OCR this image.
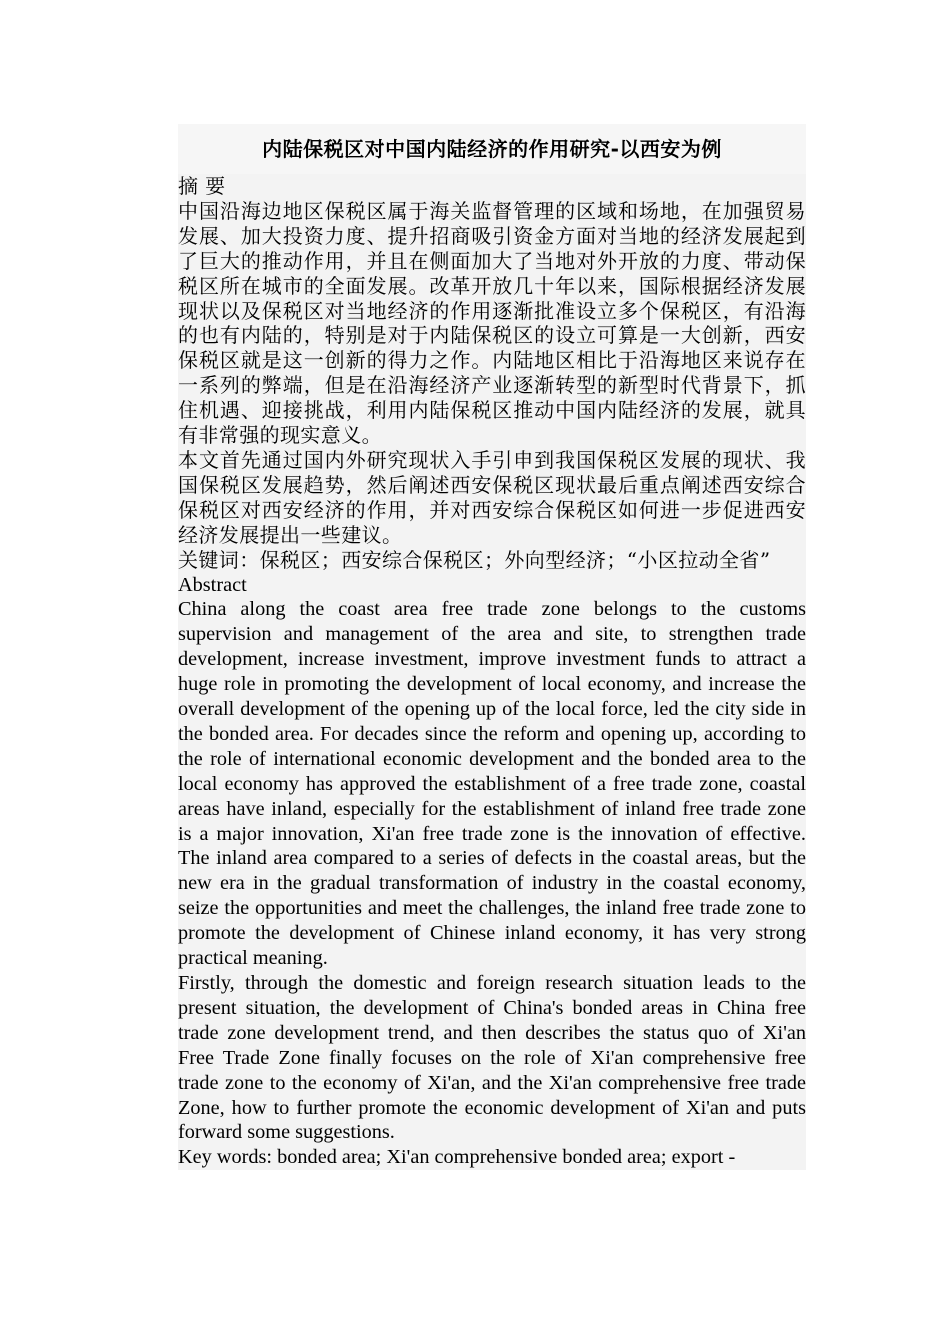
内陆保税区对中国内陆经济的作用研究-以西安为例
摘 要
中国沿海边地区保税区属于海关监督管理的区域和场地，在加强贸易发展、加大投资力度、提升招商吸引资金方面对当地的经济发展起到了巨大的推动作用，并且在侧面加大了当地对外开放的力度、带动保税区所在城市的全面发展。改革开放几十年以来，国际根据经济发展现状以及保税区对当地经济的作用逐渐批准设立多个保税区，有沿海的也有内陆的，特别是对于内陆保税区的设立可算是一大创新，西安保税区就是这一创新的得力之作。内陆地区相比于沿海地区来说存在一系列的弊端，但是在沿海经济产业逐渐转型的新型时代背景下，抓住机遇、迎接挑战，利用内陆保税区推动中国内陆经济的发展，就具有非常强的现实意义。
本文首先通过国内外研究现状入手引申到我国保税区发展的现状、我国保税区发展趋势，然后阐述西安保税区现状最后重点阐述西安综合保税区对西安经济的作用，并对西安综合保税区如何进一步促进西安经济发展提出一些建议。
关键词：保税区；西安综合保税区；外向型经济；“小区拉动全省”
Abstract
China along the coast area free trade zone belongs to the customs supervision and management of the area and site, to strengthen trade development, increase investment, improve investment funds to attract a huge role in promoting the development of local economy, and increase the overall development of the opening up of the local force, led the city side in the bonded area. For decades since the reform and opening up, according to the role of international economic development and the bonded area to the local economy has approved the establishment of a free trade zone, coastal areas have inland, especially for the establishment of inland free trade zone is a major innovation, Xi'an free trade zone is the innovation of effective. The inland area compared to a series of defects in the coastal areas, but the new era in the gradual transformation of industry in the coastal economy, seize the opportunities and meet the challenges, the inland free trade zone to promote the development of Chinese inland economy, it has very strong practical meaning.
Firstly, through the domestic and foreign research situation leads to the present situation, the development of China's bonded areas in China free trade zone development trend, and then describes the status quo of Xi'an Free Trade Zone finally focuses on the role of Xi'an comprehensive free trade zone to the economy of Xi'an, and the Xi'an comprehensive free trade Zone, how to further promote the economic development of Xi'an and puts forward some suggestions.
Key words: bonded area; Xi'an comprehensive bonded area; export -
